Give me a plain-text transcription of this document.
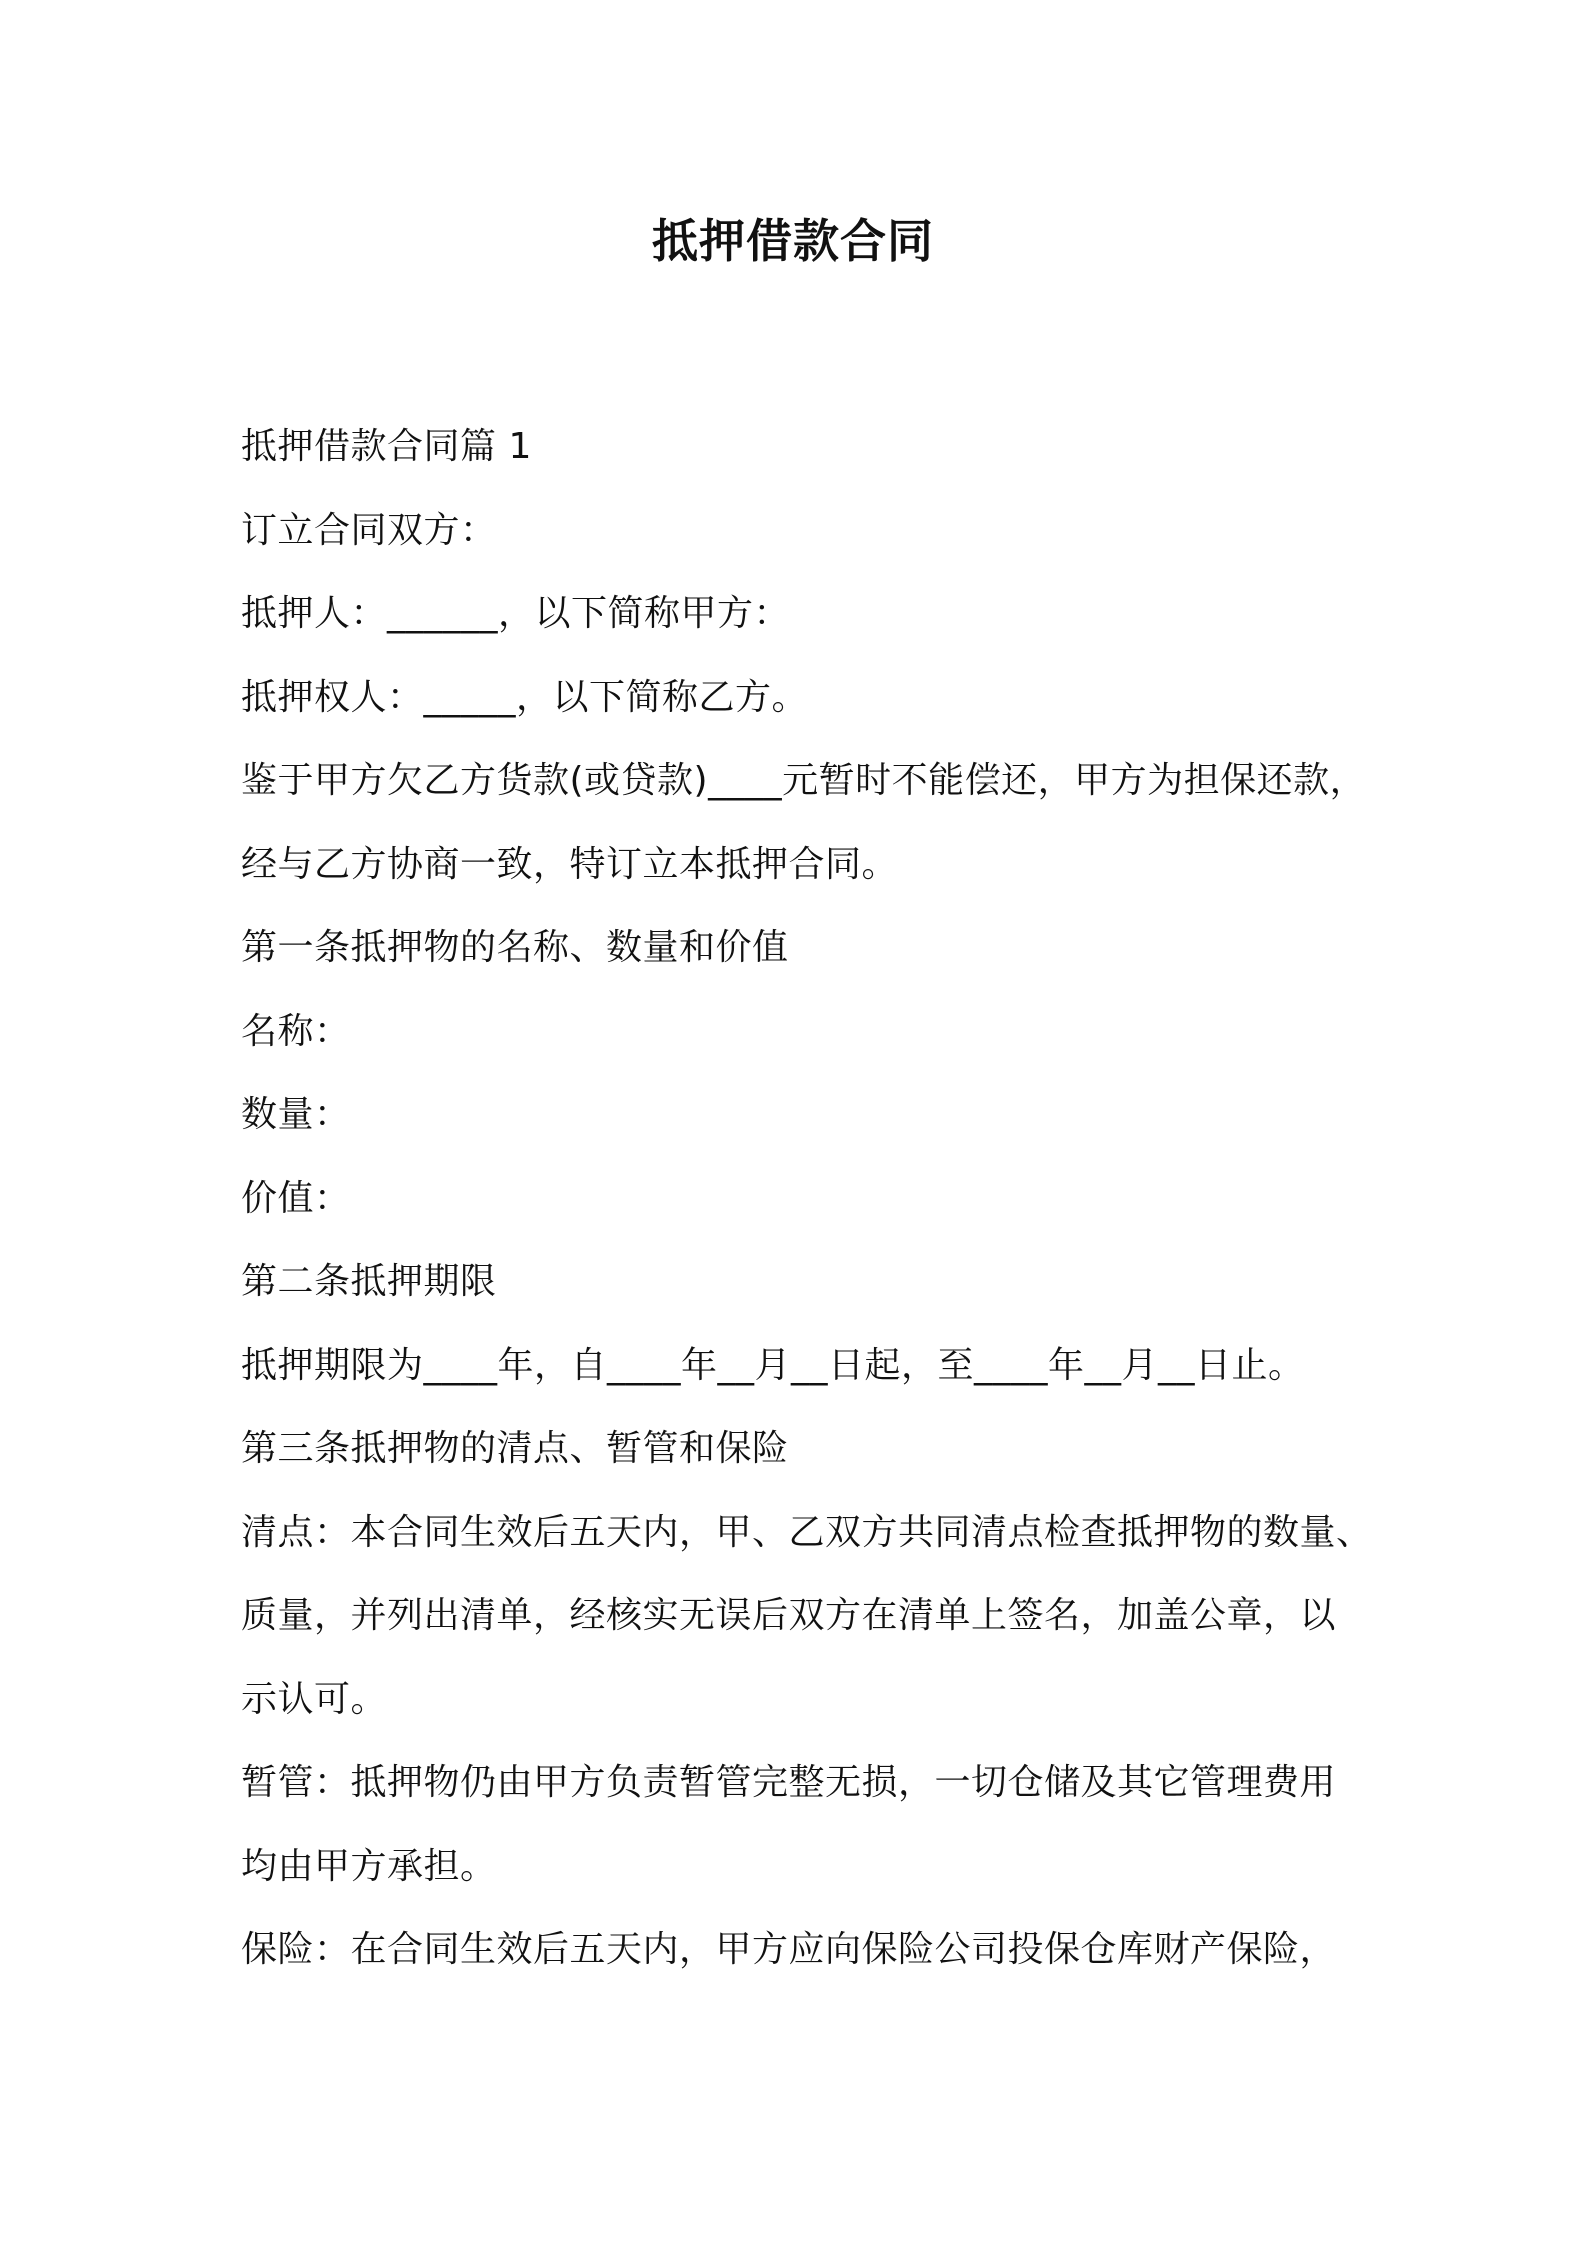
抵押借款合同
抵押借款合同篇 1
订立合同双方：
抵押人：______，以下简称甲方：
抵押权人：_____，以下简称乙方。
鉴于甲方欠乙方货款(或贷款)____元暂时不能偿还，甲方为担保还款，
经与乙方协商一致，特订立本抵押合同。
第一条抵押物的名称、数量和价值
名称：
数量：
价值：
第二条抵押期限
抵押期限为____年，自____年__月__日起，至____年__月__日止。
第三条抵押物的清点、暂管和保险
清点：本合同生效后五天内，甲、乙双方共同清点检查抵押物的数量、
质量，并列出清单，经核实无误后双方在清单上签名，加盖公章，以
示认可。
暂管：抵押物仍由甲方负责暂管完整无损，一切仓储及其它管理费用
均由甲方承担。
保险：在合同生效后五天内，甲方应向保险公司投保仓库财产保险，
